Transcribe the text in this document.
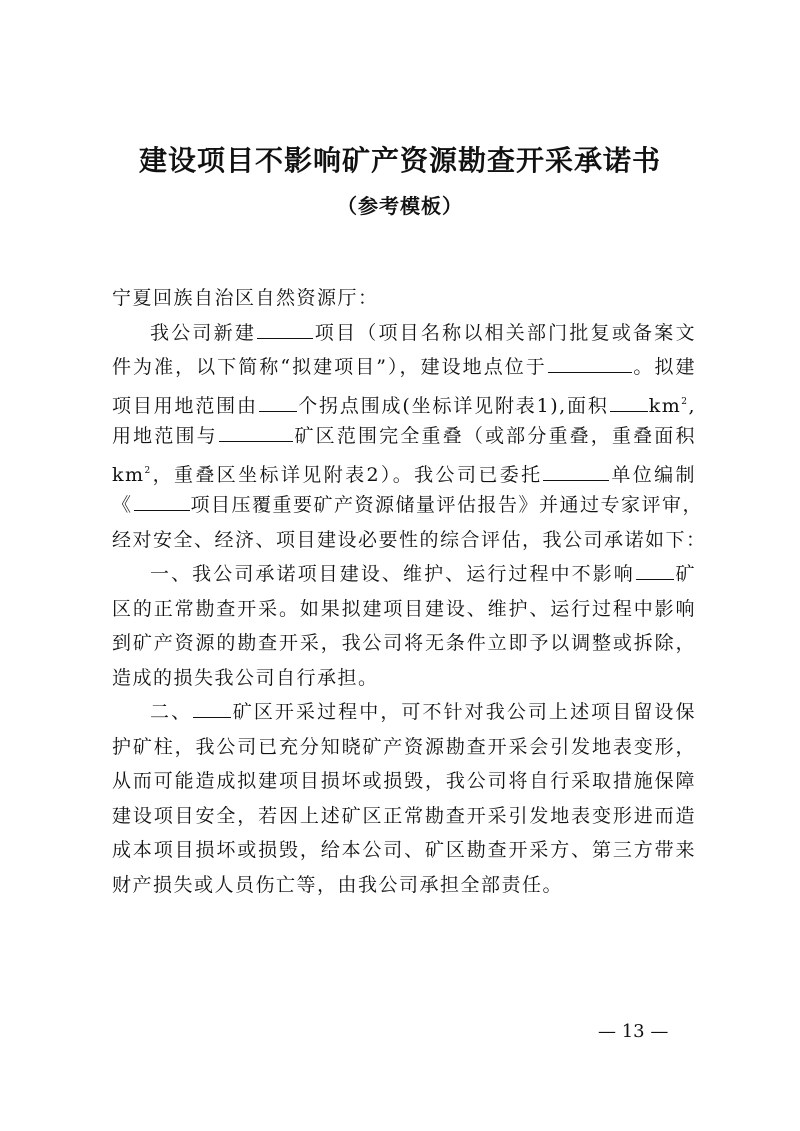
建设项目不影响矿产资源勘查开采承诺书
（参考模板）
宁夏回族自治区自然资源厅：
我公司新建	项目（项目名称以相关部门批复或备案文
件为准，以下简称“拟建项目”），建设地点位于	。拟建
项目用地范围由 个拐点围成(坐标详见附表1),面积 $km^2$,
用地范围与	矿区范围完全重叠（或部分重叠，重叠面积
$km^2$，重叠区坐标详见附表2）。我公司已委托	单位编制
《	项目压覆重要矿产资源储量评估报告》并通过专家评审，
经对安全、经济、项目建设必要性的综合评估，我公司承诺如下：
一、我公司承诺项目建设、维护、运行过程中不影响 矿
区的正常勘查开采。如果拟建项目建设、维护、运行过程中影响
到矿产资源的勘查开采，我公司将无条件立即予以调整或拆除，
造成的损失我公司自行承担。
二、 矿区开采过程中，可不针对我公司上述项目留设保
护矿柱，我公司已充分知晓矿产资源勘查开采会引发地表变形，
从而可能造成拟建项目损坏或损毁，我公司将自行采取措施保障
建设项目安全，若因上述矿区正常勘查开采引发地表变形进而造
成本项目损坏或损毁，给本公司、矿区勘查开采方、第三方带来
财产损失或人员伤亡等，由我公司承担全部责任。
— 13 —
